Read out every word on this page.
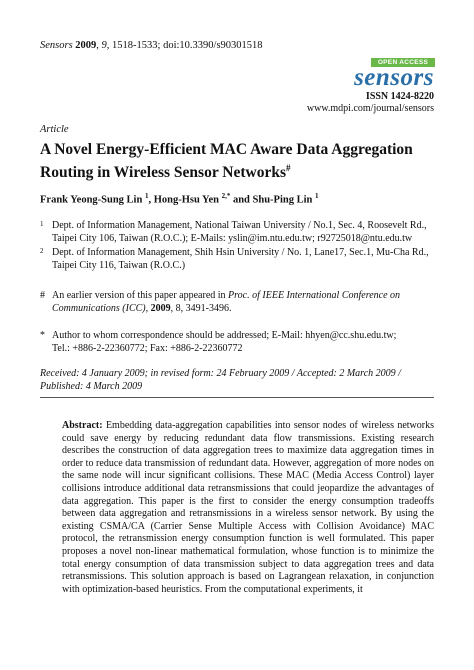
Sensors 2009, 9, 1518-1533; doi:10.3390/s90301518
OPEN ACCESS
sensors
ISSN 1424-8220
www.mdpi.com/journal/sensors
Article
A Novel Energy-Efficient MAC Aware Data Aggregation Routing in Wireless Sensor Networks#
Frank Yeong-Sung Lin $^1$, Hong-Hsu Yen $^{2,*}$ and Shu-Ping Lin $^1$
1 Dept. of Information Management, National Taiwan University / No.1, Sec. 4, Roosevelt Rd., Taipei City 106, Taiwan (R.O.C.); E-Mails: yslin@im.ntu.edu.tw; r92725018@ntu.edu.tw
2 Dept. of Information Management, Shih Hsin University / No. 1, Lane17, Sec.1, Mu-Cha Rd., Taipei City 116, Taiwan (R.O.C.)
# An earlier version of this paper appeared in Proc. of IEEE International Conference on Communications (ICC), 2009, 8, 3491-3496.
* Author to whom correspondence should be addressed; E-Mail: hhyen@cc.shu.edu.tw;
Tel.: +886-2-22360772; Fax: +886-2-22360772
Received: 4 January 2009; in revised form: 24 February 2009 / Accepted: 2 March 2009 / Published: 4 March 2009
Abstract: Embedding data-aggregation capabilities into sensor nodes of wireless networks could save energy by reducing redundant data flow transmissions. Existing research describes the construction of data aggregation trees to maximize data aggregation times in order to reduce data transmission of redundant data. However, aggregation of more nodes on the same node will incur significant collisions. These MAC (Media Access Control) layer collisions introduce additional data retransmissions that could jeopardize the advantages of data aggregation. This paper is the first to consider the energy consumption tradeoffs between data aggregation and retransmissions in a wireless sensor network. By using the existing CSMA/CA (Carrier Sense Multiple Access with Collision Avoidance) MAC protocol, the retransmission energy consumption function is well formulated. This paper proposes a novel non-linear mathematical formulation, whose function is to minimize the total energy consumption of data transmission subject to data aggregation trees and data retransmissions. This solution approach is based on Lagrangean relaxation, in conjunction with optimization-based heuristics. From the computational experiments, it
